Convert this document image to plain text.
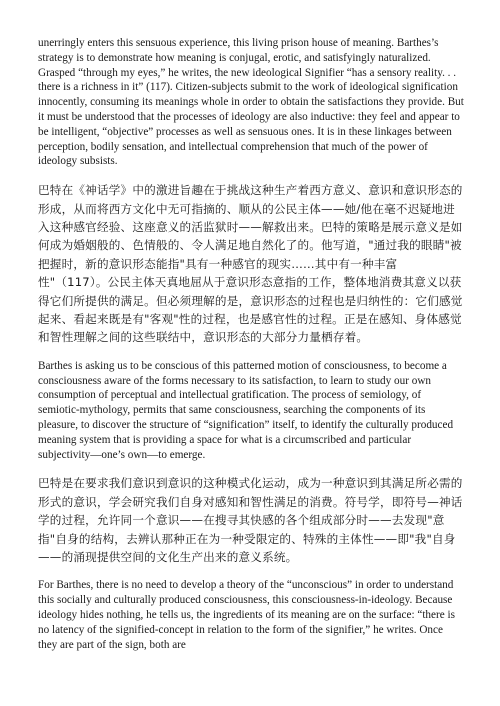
unerringly enters this sensuous experience, this living prison house of meaning. Barthes’s strategy is to demonstrate how meaning is conjugal, erotic, and satisfyingly naturalized. Grasped “through my eyes,” he writes, the new ideological Signifier “has a sensory reality. . . there is a richness in it” (117). Citizen-subjects submit to the work of ideological signification innocently, consuming its meanings whole in order to obtain the satisfactions they provide. But it must be understood that the processes of ideology are also inductive: they feel and appear to be intelligent, “objective” processes as well as sensuous ones. It is in these linkages between perception, bodily sensation, and intellectual comprehension that much of the power of ideology subsists.

巴特在《神话学》中的激进旨趣在于挑战这种生产着西方意义、意识和意识形态的形成，从而将西方文化中无可指摘的、顺从的公民主体——她/他在毫不迟疑地进入这种感官经验、这座意义的活监狱时——解救出来。巴特的策略是展示意义是如何成为婚姻般的、色情般的、令人满足地自然化了的。他写道，"通过我的眼睛"被把握时，新的意识形态能指"具有一种感官的现实……其中有一种丰富性"（117）。公民主体天真地屈从于意识形态意指的工作，整体地消费其意义以获得它们所提供的满足。但必须理解的是，意识形态的过程也是归纳性的：它们感觉起来、看起来既是有"客观"性的过程，也是感官性的过程。正是在感知、身体感觉和智性理解之间的这些联结中，意识形态的大部分力量栖存着。

Barthes is asking us to be conscious of this patterned motion of consciousness, to become a consciousness aware of the forms necessary to its satisfaction, to learn to study our own consumption of perceptual and intellectual gratification. The process of semiology, of semiotic-mythology, permits that same consciousness, searching the components of its pleasure, to discover the structure of “signification” itself, to identify the culturally produced meaning system that is providing a space for what is a circumscribed and particular subjectivity—one’s own—to emerge.

巴特是在要求我们意识到意识的这种模式化运动，成为一种意识到其满足所必需的形式的意识，学会研究我们自身对感知和智性满足的消费。符号学，即符号—神话学的过程，允许同一个意识——在搜寻其快感的各个组成部分时——去发现"意指"自身的结构，去辨认那种正在为一种受限定的、特殊的主体性——即"我"自身——的涌现提供空间的文化生产出来的意义系统。

For Barthes, there is no need to develop a theory of the “unconscious” in order to understand this socially and culturally produced consciousness, this consciousness-in-ideology. Because ideology hides nothing, he tells us, the ingredients of its meaning are on the surface: “there is no latency of the signified-concept in relation to the form of the signifier,” he writes. Once they are part of the sign, both are
